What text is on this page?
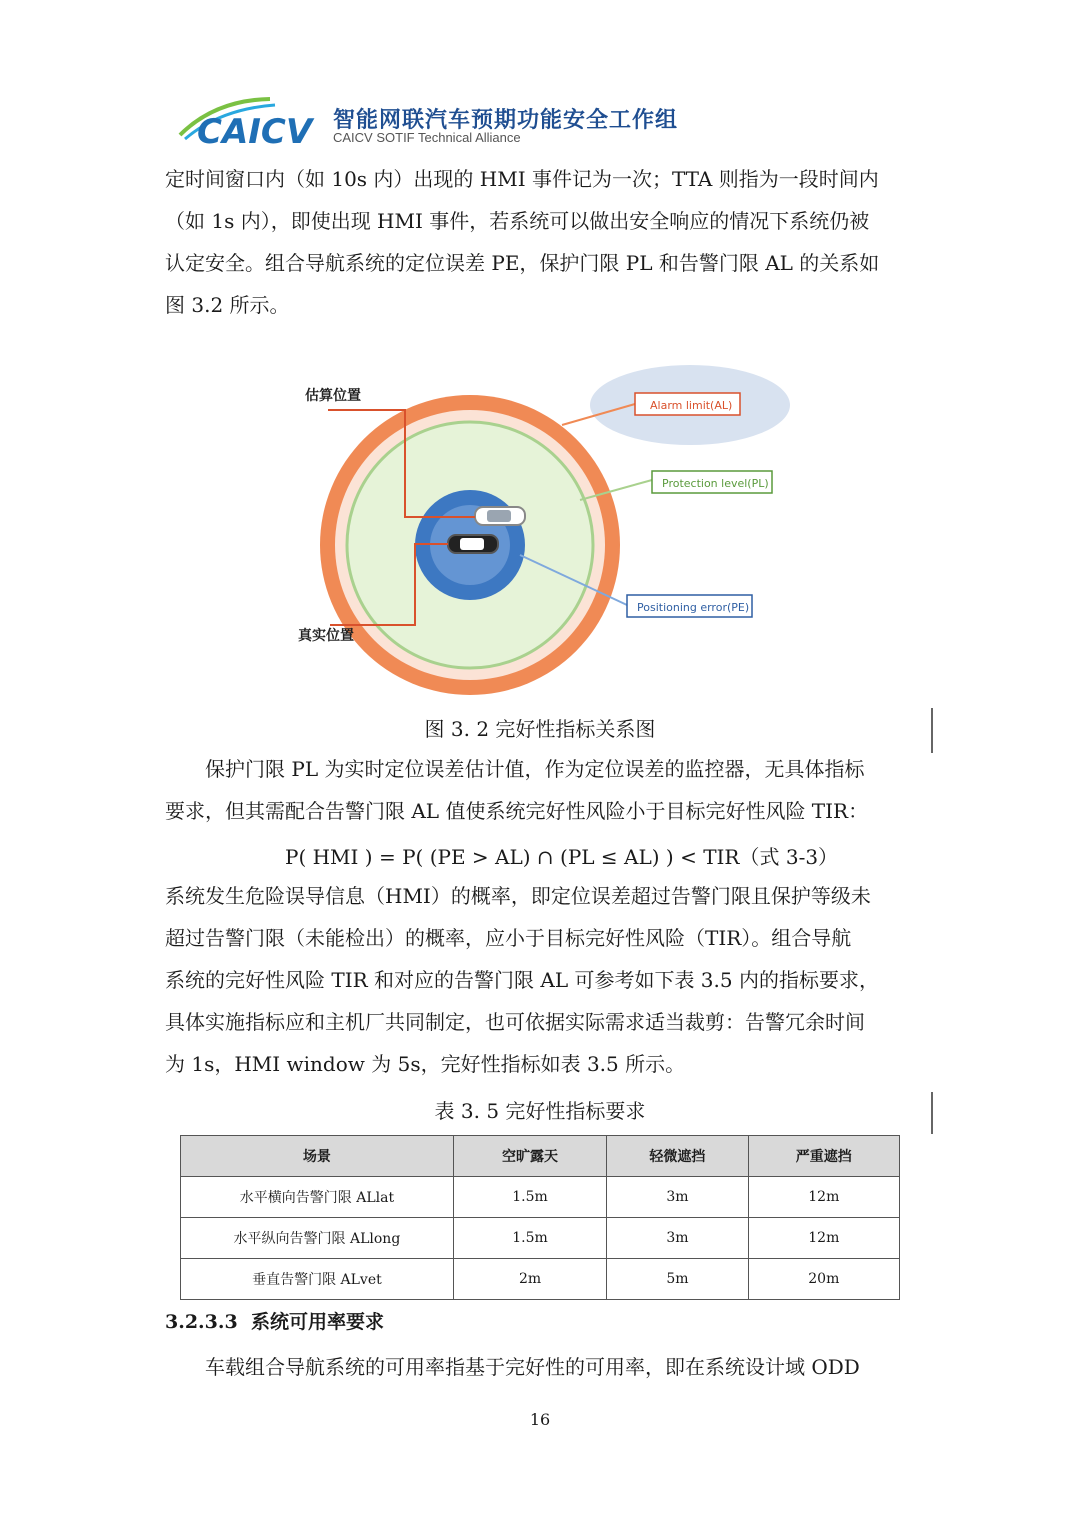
CAICV 智能网联汽车预期功能安全工作组
CAICV SOTIF Technical Alliance
定时间窗口内（如 10s 内）出现的 HMI 事件记为一次；TTA 则指为一段时间内
（如 1s 内），即使出现 HMI 事件，若系统可以做出安全响应的情况下系统仍被
认定安全。组合导航系统的定位误差 PE，保护门限 PL 和告警门限 AL 的关系如
图 3.2 所示。
估算位置
真实位置
Alarm limit(AL)
Protection level(PL)
Positioning error(PE)
图 3. 2 完好性指标关系图
保护门限 PL 为实时定位误差估计值，作为定位误差的监控器，无具体指标
要求，但其需配合告警门限 AL 值使系统完好性风险小于目标完好性风险 TIR：
P( HMI ) = P( (PE > AL) ∩ (PL ≤ AL) ) < TIR（式 3-3）
系统发生危险误导信息（HMI）的概率，即定位误差超过告警门限且保护等级未
超过告警门限（未能检出）的概率，应小于目标完好性风险（TIR）。组合导航
系统的完好性风险 TIR 和对应的告警门限 AL 可参考如下表 3.5 内的指标要求，
具体实施指标应和主机厂共同制定，也可依据实际需求适当裁剪：告警冗余时间
为 1s，HMI window 为 5s，完好性指标如表 3.5 所示。
表 3. 5 完好性指标要求
场景	空旷露天	轻微遮挡	严重遮挡
水平横向告警门限 ALlat	1.5m	3m	12m
水平纵向告警门限 ALlong	1.5m	3m	12m
垂直告警门限 ALvet	2m	5m	20m
3.2.3.3 系统可用率要求
车载组合导航系统的可用率指基于完好性的可用率，即在系统设计域 ODD
16
